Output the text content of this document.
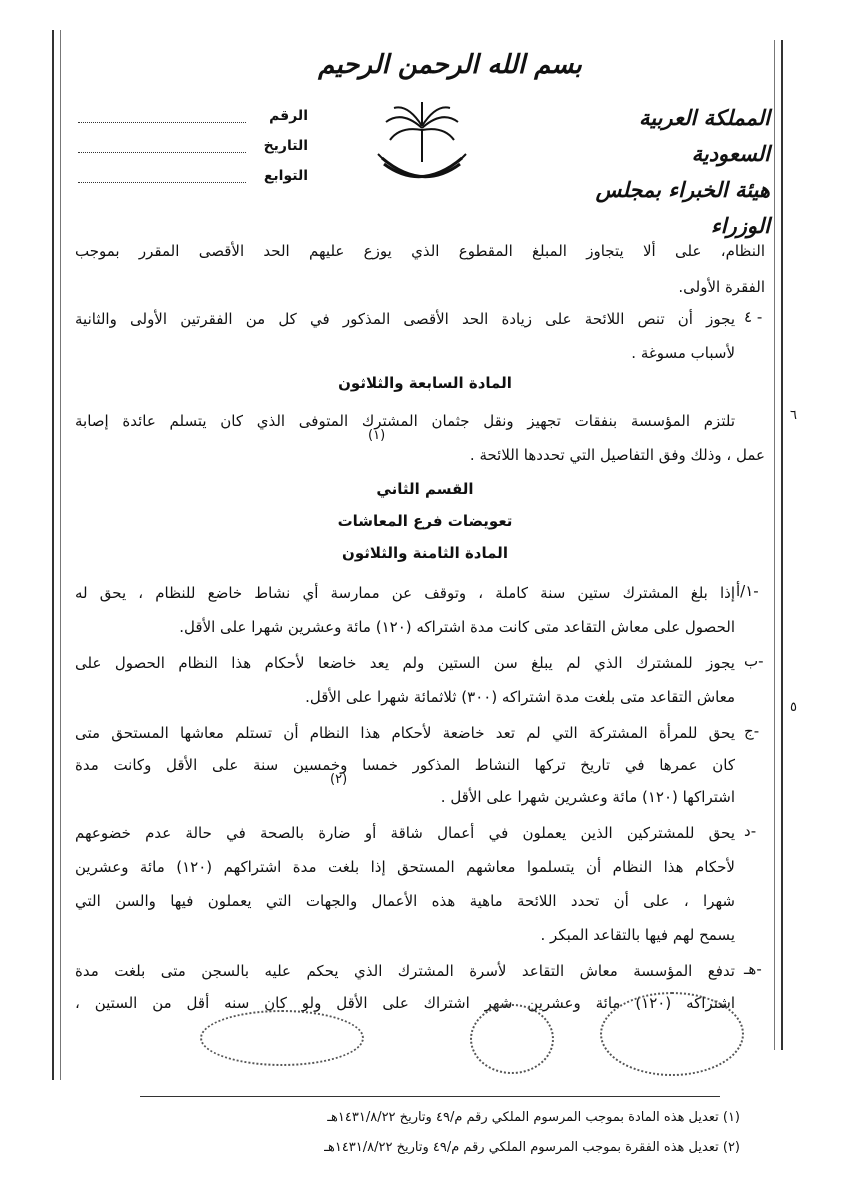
بسم الله الرحمن الرحيم
المملكة العربية السعودية
هيئة الخبراء بمجلس الوزراء
الرقم
التاريخ
التوابع
النظام، على ألا يتجاوز المبلغ المقطوع الذي يوزع عليهم الحد الأقصى المقرر بموجب
الفقرة الأولى.
٤ -
يجوز أن تنص اللائحة على زيادة الحد الأقصى المذكور في كل من الفقرتين الأولى والثانية
لأسباب مسوغة .
المادة السابعة والثلاثون
تلتزم المؤسسة بنفقات تجهيز ونقل جثمان المشترك المتوفى الذي كان يتسلم عائدة إصابة
عمل ، وذلك وفق التفاصيل التي تحددها اللائحة .
(١)
القسم الثاني
تعويضات فرع المعاشات
المادة الثامنة والثلاثون
١/أ-
إذا بلغ المشترك ستين سنة كاملة ، وتوقف عن ممارسة أي نشاط خاضع للنظام ، يحق له
الحصول على معاش التقاعد متى كانت مدة اشتراكه (١٢٠) مائة وعشرين شهرا على الأقل.
ب-
يجوز للمشترك الذي لم يبلغ سن الستين ولم يعد خاضعا لأحكام هذا النظام الحصول على
معاش التقاعد متى بلغت مدة اشتراكه (٣٠٠) ثلاثمائة شهرا على الأقل.
ج-
يحق للمرأة المشتركة التي لم تعد خاضعة لأحكام هذا النظام أن تستلم معاشها المستحق متى
كان عمرها في تاريخ تركها النشاط المذكور خمسا وخمسين سنة على الأقل وكانت مدة
اشتراكها (١٢٠) مائة وعشرين شهرا على الأقل .
(٢)
د-
يحق للمشتركين الذين يعملون في أعمال شاقة أو ضارة بالصحة في حالة عدم خضوعهم
لأحكام هذا النظام أن يتسلموا معاشهم المستحق إذا بلغت مدة اشتراكهم (١٢٠) مائة وعشرين
شهرا ، على أن تحدد اللائحة ماهية هذه الأعمال والجهات التي يعملون فيها والسن التي
يسمح لهم فيها بالتقاعد المبكر .
هـ-
تدفع المؤسسة معاش التقاعد لأسرة المشترك الذي يحكم عليه بالسجن متى بلغت مدة
اشتراكه (١٢٠) مائة وعشرين شهر اشتراك على الأقل ولو كان سنه أقل من الستين ،
٦
٥
(١) تعديل هذه المادة بموجب المرسوم الملكي رقم م/٤٩ وتاريخ ١٤٣١/٨/٢٢هـ
(٢) تعديل هذه الفقرة بموجب المرسوم الملكي رقم م/٤٩ وتاريخ ١٤٣١/٨/٢٢هـ
